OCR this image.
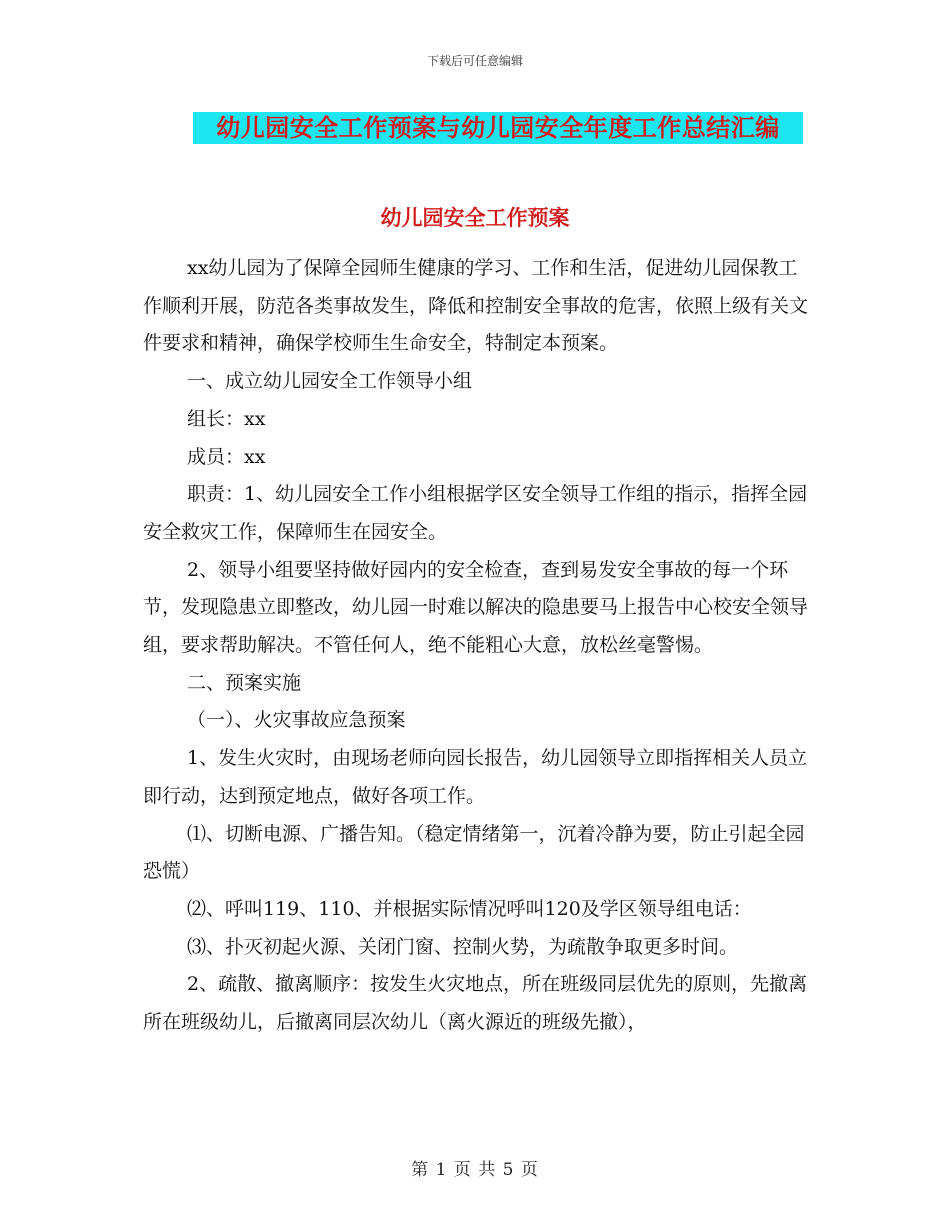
下载后可任意编辑
幼儿园安全工作预案与幼儿园安全年度工作总结汇编
幼儿园安全工作预案

xx幼儿园为了保障全园师生健康的学习、工作和生活，促进幼儿园保教工作顺利开展，防范各类事故发生，降低和控制安全事故的危害，依照上级有关文件要求和精神，确保学校师生生命安全，特制定本预案。

一、成立幼儿园安全工作领导小组

组长：xx

成员：xx

职责：1、幼儿园安全工作小组根据学区安全领导工作组的指示，指挥全园安全救灾工作，保障师生在园安全。

2、领导小组要坚持做好园内的安全检查，查到易发安全事故的每一个环节，发现隐患立即整改，幼儿园一时难以解决的隐患要马上报告中心校安全领导组，要求帮助解决。不管任何人，绝不能粗心大意，放松丝毫警惕。

二、预案实施

（一）、火灾事故应急预案

1、发生火灾时，由现场老师向园长报告，幼儿园领导立即指挥相关人员立即行动，达到预定地点，做好各项工作。

⑴、切断电源、广播告知。（稳定情绪第一，沉着冷静为要，防止引起全园恐慌）

⑵、呼叫119、110、并根据实际情况呼叫120及学区领导组电话：

⑶、扑灭初起火源、关闭门窗、控制火势，为疏散争取更多时间。

2、疏散、撤离顺序：按发生火灾地点，所在班级同层优先的原则，先撤离所在班级幼儿，后撤离同层次幼儿（离火源近的班级先撤），

第 1 页 共 5 页
